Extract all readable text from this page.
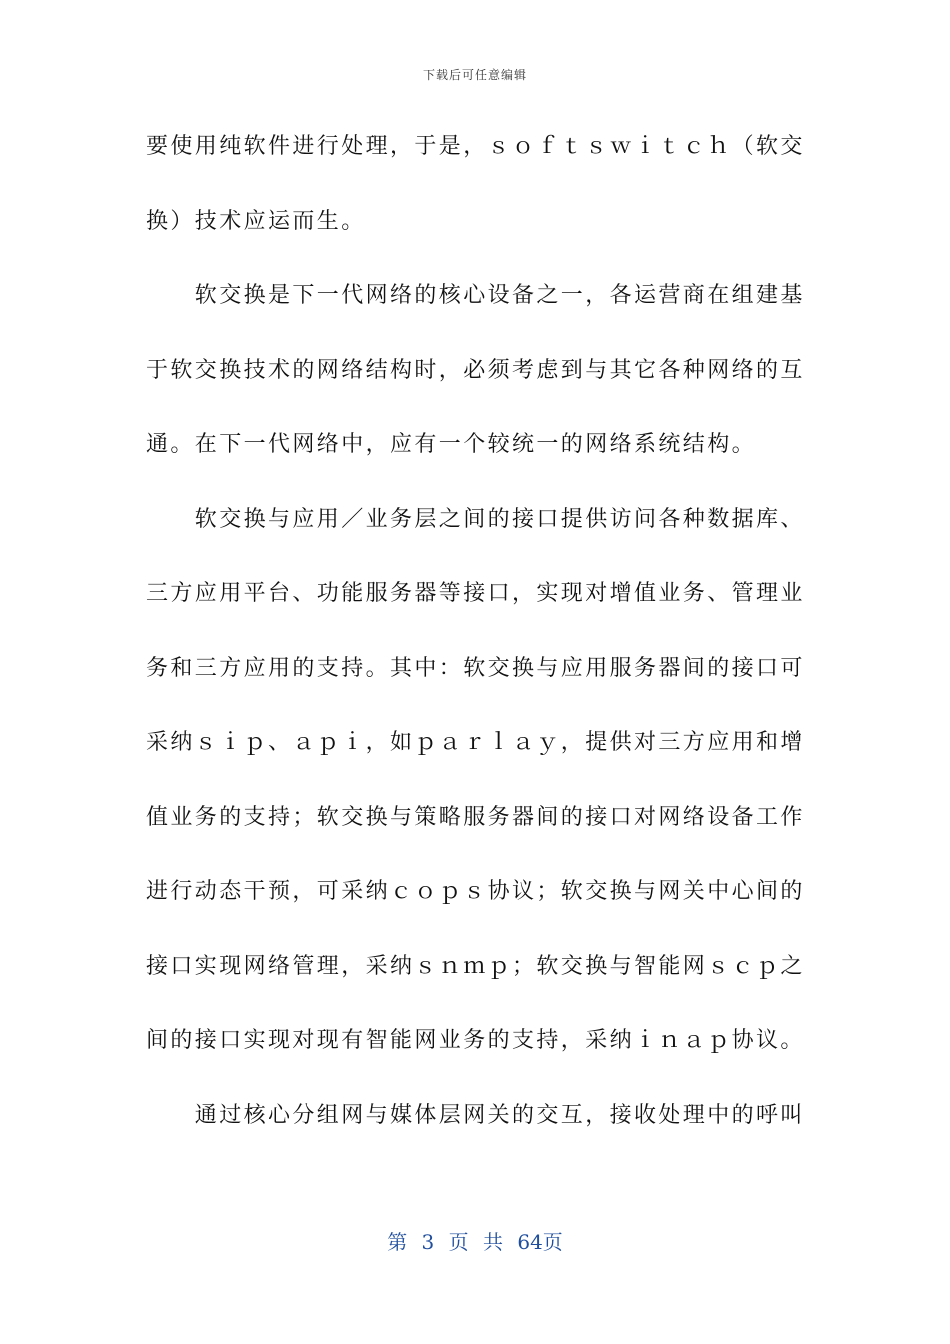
下载后可任意编辑
要使用纯软件进行处理，于是，ｓｏｆｔｓｗｉｔｃｈ（软交
换）技术应运而生。
　　软交换是下一代网络的核心设备之一，各运营商在组建基
于软交换技术的网络结构时，必须考虑到与其它各种网络的互
通。在下一代网络中，应有一个较统一的网络系统结构。
　　软交换与应用／业务层之间的接口提供访问各种数据库、
三方应用平台、功能服务器等接口，实现对增值业务、管理业
务和三方应用的支持。其中：软交换与应用服务器间的接口可
采纳ｓｉｐ、ａｐｉ，如ｐａｒｌａｙ，提供对三方应用和增
值业务的支持；软交换与策略服务器间的接口对网络设备工作
进行动态干预，可采纳ｃｏｐｓ协议；软交换与网关中心间的
接口实现网络管理，采纳ｓｎｍｐ；软交换与智能网ｓｃｐ之
间的接口实现对现有智能网业务的支持，采纳ｉｎａｐ协议。
　　通过核心分组网与媒体层网关的交互，接收处理中的呼叫
第 3 页 共 64页
